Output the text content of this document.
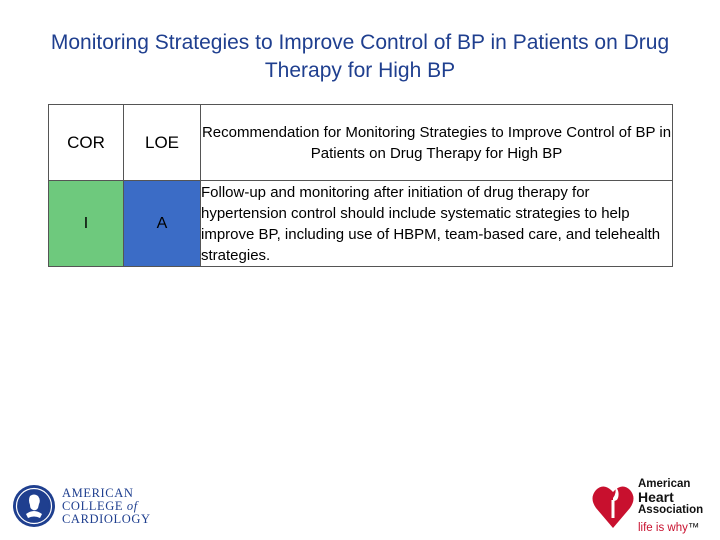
Monitoring Strategies to Improve Control of BP in Patients on Drug Therapy for High BP
COR	LOE	Recommendation for Monitoring Strategies to Improve Control of BP in Patients on Drug Therapy for High BP
I	A	Follow-up and monitoring after initiation of drug therapy for hypertension control should include systematic strategies to help improve BP, including use of HBPM, team-based care, and telehealth strategies.
AMERICAN
COLLEGE of
CARDIOLOGY
American
Heart
Association
life is why™
